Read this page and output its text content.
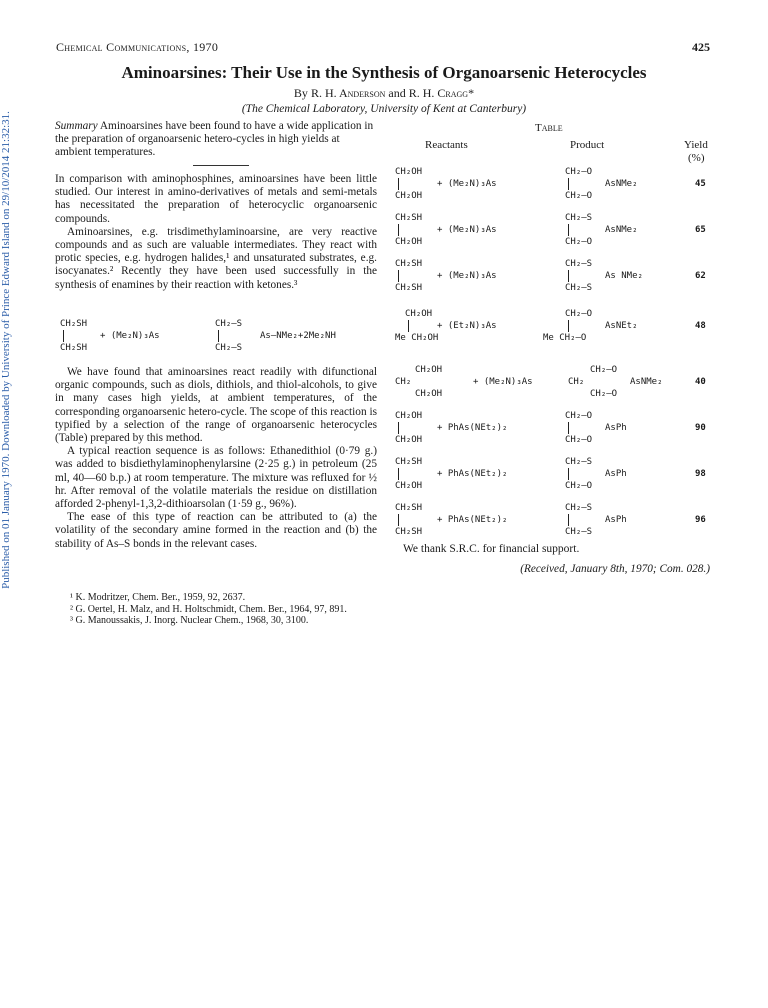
Published on 01 January 1970. Downloaded by University of Prince Edward Island on 29/10/2014 21:32:31.
Chemical Communications, 1970	425
Aminoarsines: Their Use in the Synthesis of Organoarsenic Heterocycles
By R. H. Anderson and R. H. Cragg*
(The Chemical Laboratory, University of Kent at Canterbury)
Summary Aminoarsines have been found to have a wide application in the preparation of organoarsenic hetero-cycles in high yields at ambient temperatures.

In comparison with aminophosphines, aminoarsines have been little studied. Our interest in amino-derivatives of metals and semi-metals has necessitated the preparation of heterocyclic organoarsenic compounds.

Aminoarsines, e.g. trisdimethylaminoarsine, are very reactive compounds and as such are valuable intermediates. They react with protic species, e.g. hydrogen halides,¹ and unsaturated substrates, e.g. isocyanates.² Recently they have been used successfully in the synthesis of enamines by their reaction with ketones.³

CH₂SH
CH₂SH
+ (Me₂N)₃As
CH₂—S
CH₂—S
As—NMe₂+2Me₂NH

We have found that aminoarsines react readily with difunctional organic compounds, such as diols, dithiols, and thiol-alcohols, to give in many cases high yields, at ambient temperatures, of the corresponding organoarsenic hetero-cycle. The scope of this reaction is typified by a selection of the range of organoarsenic heterocycles (Table) prepared by this method.

A typical reaction sequence is as follows: Ethanedithiol (0·79 g.) was added to bisdiethylaminophenylarsine (2·25 g.) in petroleum (25 ml, 40—60 b.p.) at room temperature. The mixture was refluxed for ½ hr. After removal of the volatile materials the residue on distillation afforded 2-phenyl-1,3,2-dithioarsolan (1·59 g., 96%).

The ease of this type of reaction can be attributed to (a) the volatility of the secondary amine formed in the reaction and (b) the stability of As–S bonds in the relevant cases.

¹ K. Modritzer, Chem. Ber., 1959, 92, 2637.
² G. Oertel, H. Malz, and H. Holtschmidt, Chem. Ber., 1964, 97, 891.
³ G. Manoussakis, J. Inorg. Nuclear Chem., 1968, 30, 3100.
Table
Reactants	Product	Yield
(%)
CH₂OH
CH₂OH
+ (Me₂N)₃As
CH₂—O
CH₂—O
AsNMe₂	45
CH₂SH
CH₂OH
+ (Me₂N)₃As
CH₂—S
CH₂—O
AsNMe₂	65
CH₂SH
CH₂SH
+ (Me₂N)₃As
CH₂—S
CH₂—S
As NMe₂	62
CH₂OH
Me CH₂OH
+ (Et₂N)₃As
CH₂—O
Me CH₂—O
AsNEt₂	48
CH₂OH
CH₂
CH₂OH
+ (Me₂N)₃As
CH₂—O
CH₂
CH₂—O
AsNMe₂	40
CH₂OH
CH₂OH
+ PhAs(NEt₂)₂
CH₂—O
CH₂—O
AsPh	90
CH₂SH
CH₂OH
+ PhAs(NEt₂)₂
CH₂—S
CH₂—O
AsPh	98
CH₂SH
CH₂SH
+ PhAs(NEt₂)₂
CH₂—S
CH₂—S
AsPh	96
We thank S.R.C. for financial support.
(Received, January 8th, 1970; Com. 028.)
